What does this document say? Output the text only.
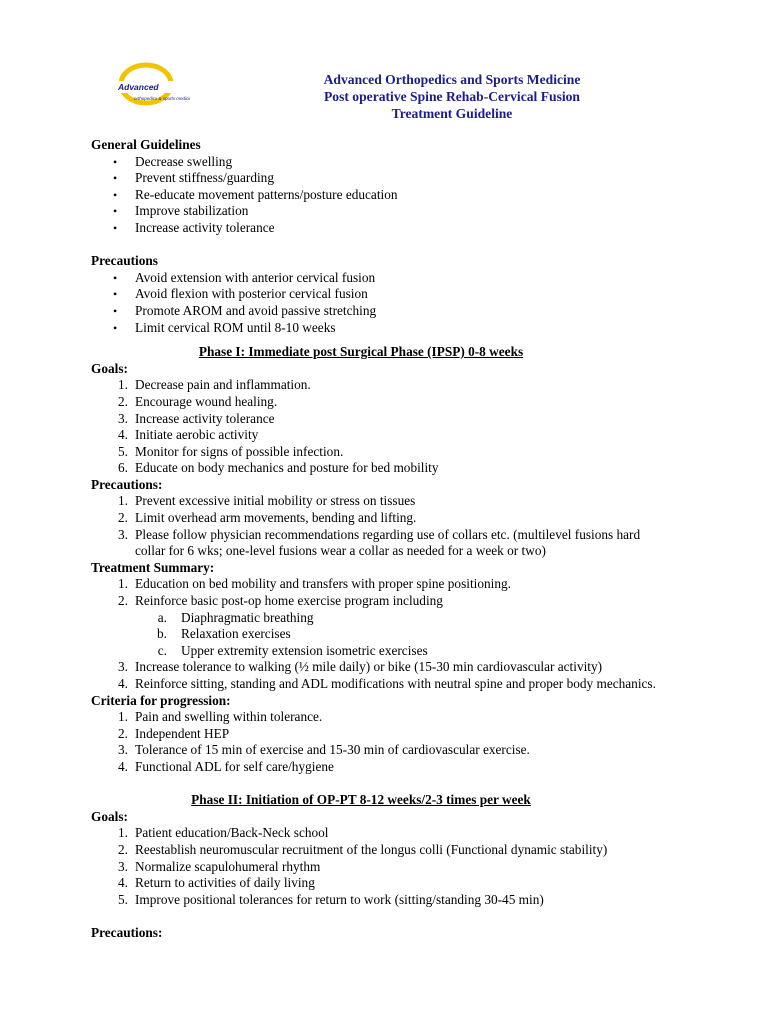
Advanced
orthopedics & sports medicine
Advanced Orthopedics and Sports Medicine
Post operative Spine Rehab-Cervical Fusion
Treatment Guideline
General Guidelines
•	Decrease swelling
•	Prevent stiffness/guarding
•	Re-educate movement patterns/posture education
•	Improve stabilization
•	Increase activity tolerance
Precautions
•	Avoid extension with anterior cervical fusion
•	Avoid flexion with posterior cervical fusion
•	Promote AROM and avoid passive stretching
•	Limit cervical ROM until 8-10 weeks
Phase I: Immediate post Surgical Phase (IPSP) 0-8 weeks
Goals:
1. Decrease pain and inflammation.
2. Encourage wound healing.
3. Increase activity tolerance
4. Initiate aerobic activity
5. Monitor for signs of possible infection.
6. Educate on body mechanics and posture for bed mobility
Precautions:
1. Prevent excessive initial mobility or stress on tissues
2. Limit overhead arm movements, bending and lifting.
3. Please follow physician recommendations regarding use of collars etc. (multilevel fusions hard
collar for 6 wks; one-level fusions wear a collar as needed for a week or two)
Treatment Summary:
1. Education on bed mobility and transfers with proper spine positioning.
2. Reinforce basic post-op home exercise program including
a. Diaphragmatic breathing
b. Relaxation exercises
c. Upper extremity extension isometric exercises
3. Increase tolerance to walking (½ mile daily) or bike (15-30 min cardiovascular activity)
4. Reinforce sitting, standing and ADL modifications with neutral spine and proper body mechanics.
Criteria for progression:
1. Pain and swelling within tolerance.
2. Independent HEP
3. Tolerance of 15 min of exercise and 15-30 min of cardiovascular exercise.
4. Functional ADL for self care/hygiene
Phase II: Initiation of OP-PT 8-12 weeks/2-3 times per week
Goals:
1. Patient education/Back-Neck school
2. Reestablish neuromuscular recruitment of the longus colli (Functional dynamic stability)
3. Normalize scapulohumeral rhythm
4. Return to activities of daily living
5. Improve positional tolerances for return to work (sitting/standing 30-45 min)
Precautions:
